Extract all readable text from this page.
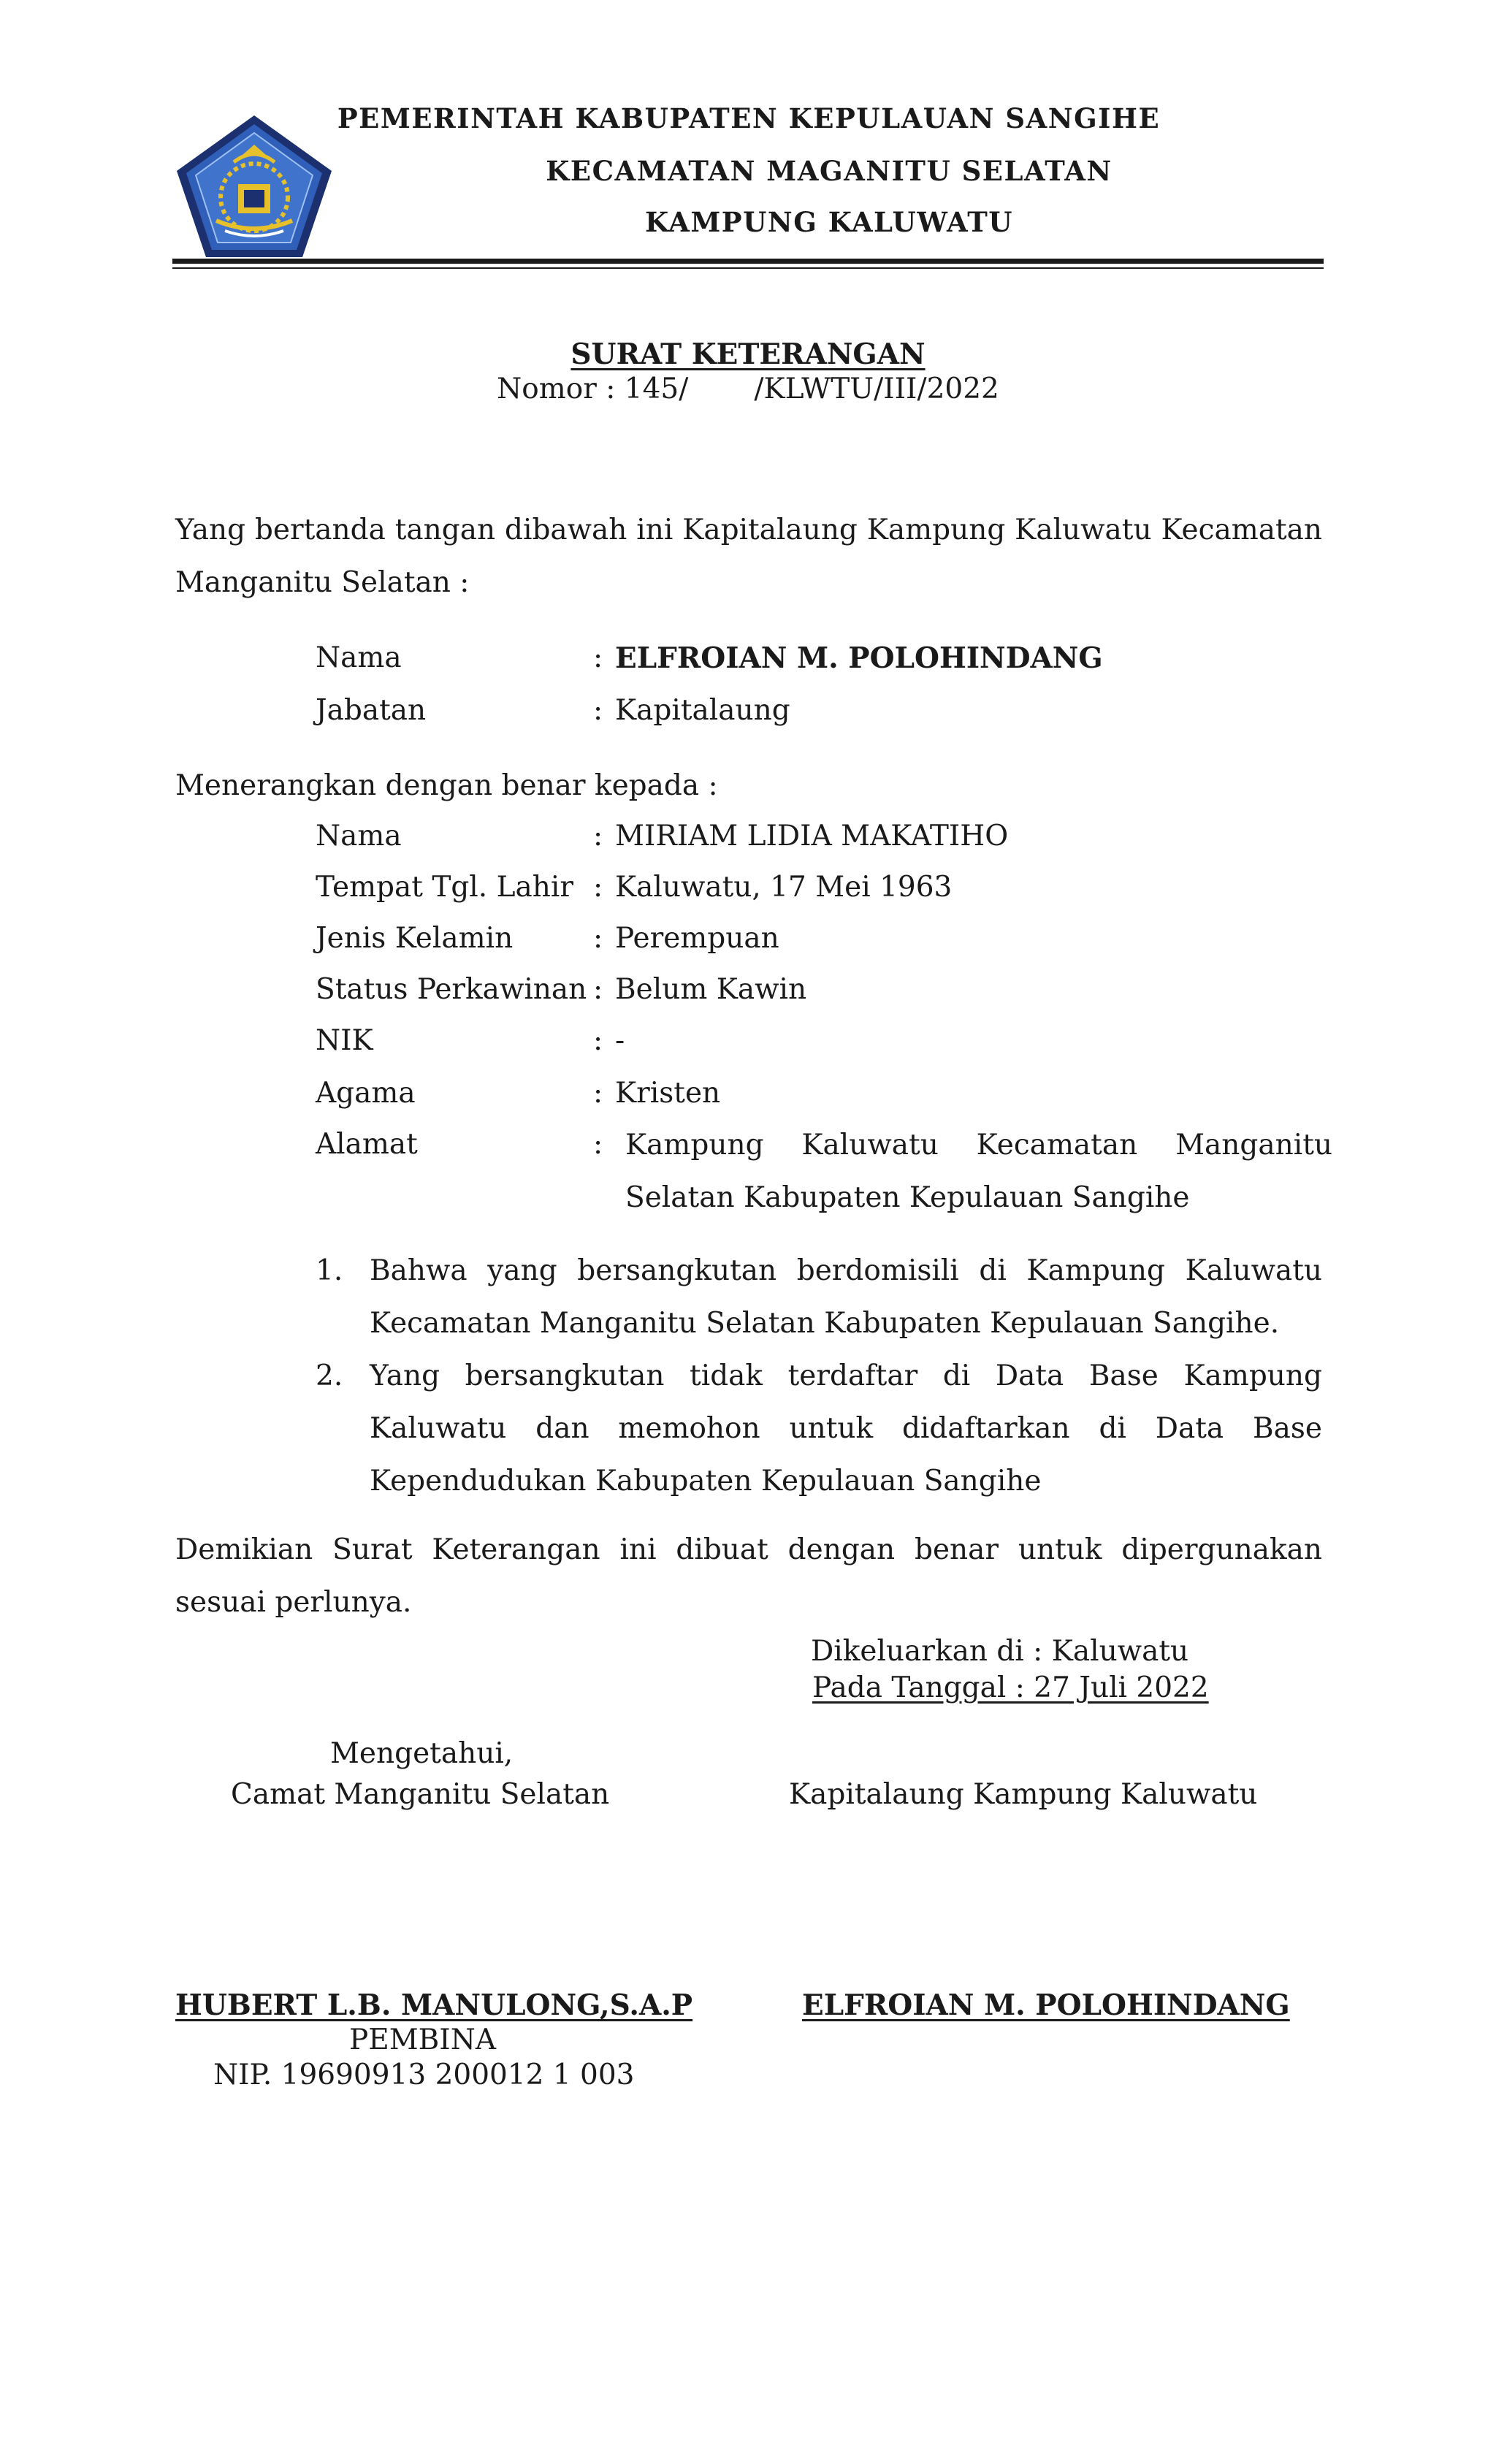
PEMERINTAH KABUPATEN KEPULAUAN SANGIHE
KECAMATAN MAGANITU SELATAN
KAMPUNG KALUWATU
SURAT KETERANGAN
Nomor : 145/ /KLWTU/III/2022
Yang bertanda tangan dibawah ini Kapitalaung Kampung Kaluwatu Kecamatan Manganitu Selatan :
Nama	: ELFROIAN M. POLOHINDANG
Jabatan	: Kapitalaung
Menerangkan dengan benar kepada :
Nama	: MIRIAM LIDIA MAKATIHO
Tempat Tgl. Lahir : Kaluwatu, 17 Mei 1963
Jenis Kelamin	: Perempuan
Status Perkawinan : Belum Kawin
NIK	: -
Agama	: Kristen
Alamat	: Kampung Kaluwatu Kecamatan Manganitu Selatan Kabupaten Kepulauan Sangihe
1. Bahwa yang bersangkutan berdomisili di Kampung Kaluwatu Kecamatan Manganitu Selatan Kabupaten Kepulauan Sangihe.
2. Yang bersangkutan tidak terdaftar di Data Base Kampung Kaluwatu dan memohon untuk didaftarkan di Data Base Kependudukan Kabupaten Kepulauan Sangihe
Demikian Surat Keterangan ini dibuat dengan benar untuk dipergunakan sesuai perlunya.
Dikeluarkan di : Kaluwatu
Pada Tanggal : 27 Juli 2022
Mengetahui,
Camat Manganitu Selatan
HUBERT L.B. MANULONG,S.A.P
PEMBINA
NIP. 19690913 200012 1 003
Kapitalaung Kampung Kaluwatu
ELFROIAN M. POLOHINDANG
